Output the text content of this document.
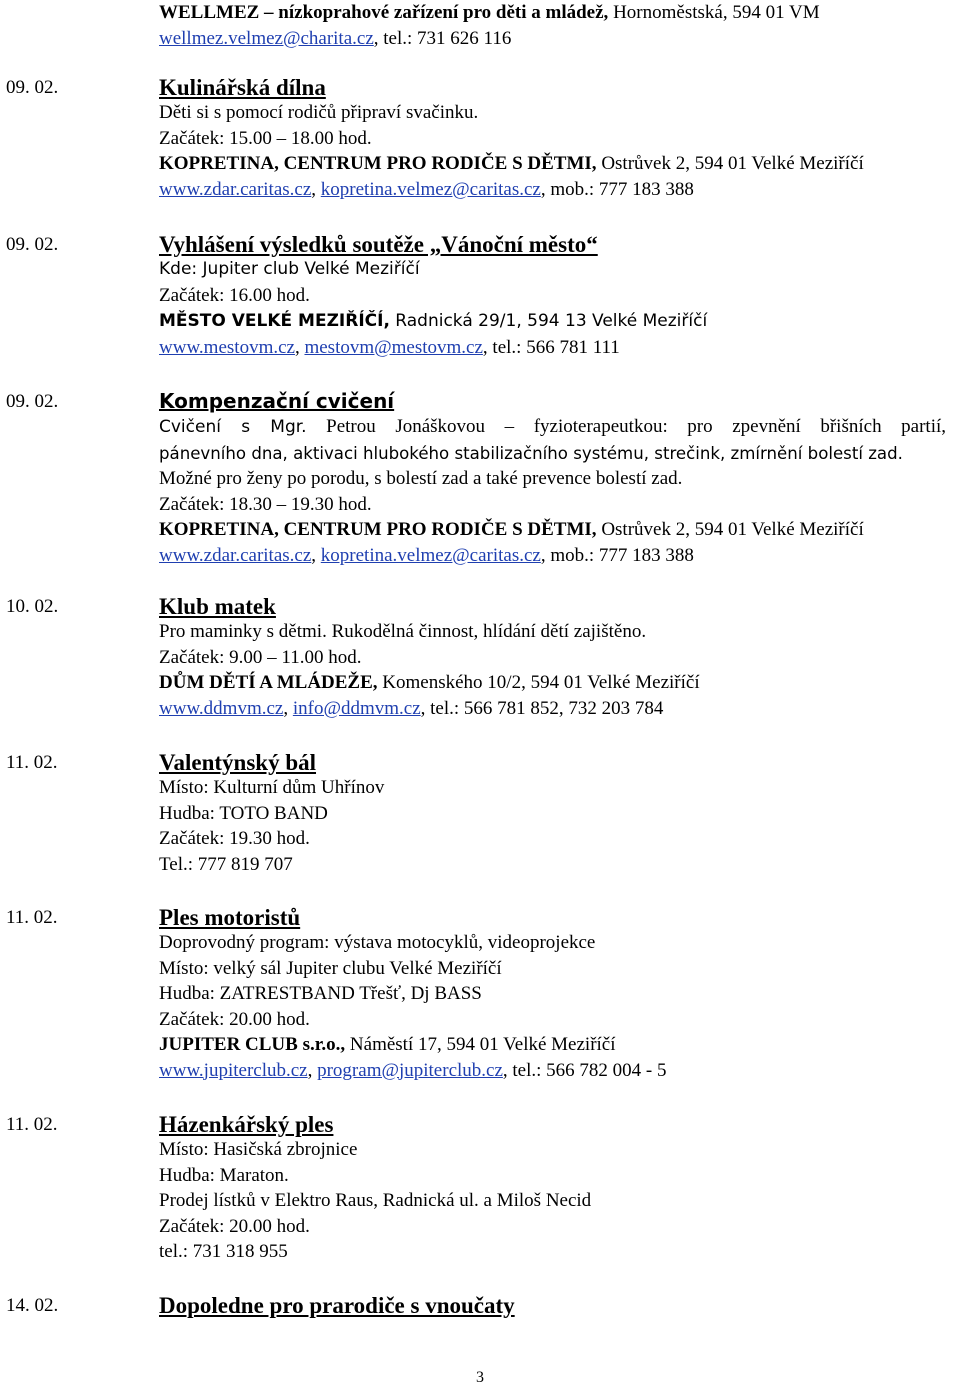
WELLMEZ – nízkoprahové zařízení pro děti a mládež, Hornoměstská, 594 01 VM
wellmez.velmez@charita.cz, tel.: 731 626 116
09. 02.	Kulinářská dílna
Děti si s pomocí rodičů připraví svačinku.
Začátek: 15.00 – 18.00 hod.
KOPRETINA, CENTRUM PRO RODIČE S DĚTMI, Ostrůvek 2, 594 01 Velké Meziříčí
www.zdar.caritas.cz, kopretina.velmez@caritas.cz, mob.: 777 183 388
09. 02.	Vyhlášení výsledků soutěže „Vánoční město“
Kde: Jupiter club Velké Meziříčí
Začátek: 16.00 hod.
MĚSTO VELKÉ MEZIŘÍČÍ, Radnická 29/1, 594 13 Velké Meziříčí
www.mestovm.cz, mestovm@mestovm.cz, tel.: 566 781 111
09. 02.	Kompenzační cvičení
Cvičení s Mgr. Petrou Jonáškovou – fyzioterapeutkou: pro zpevnění břišních partií,
pánevního dna, aktivaci hlubokého stabilizačního systému, strečink, zmírnění bolestí zad.
Možné pro ženy po porodu, s bolestí zad a také prevence bolestí zad.
Začátek: 18.30 – 19.30 hod.
KOPRETINA, CENTRUM PRO RODIČE S DĚTMI, Ostrůvek 2, 594 01 Velké Meziříčí
www.zdar.caritas.cz, kopretina.velmez@caritas.cz, mob.: 777 183 388
10. 02.	Klub matek
Pro maminky s dětmi. Rukodělná činnost, hlídání dětí zajištěno.
Začátek: 9.00 – 11.00 hod.
DŮM DĚTÍ A MLÁDEŽE, Komenského 10/2, 594 01 Velké Meziříčí
www.ddmvm.cz, info@ddmvm.cz, tel.: 566 781 852, 732 203 784
11. 02.	Valentýnský bál
Místo: Kulturní dům Uhřínov
Hudba: TOTO BAND
Začátek: 19.30 hod.
Tel.: 777 819 707
11. 02.	Ples motoristů
Doprovodný program: výstava motocyklů, videoprojekce
Místo: velký sál Jupiter clubu Velké Meziříčí
Hudba: ZATRESTBAND Třešť, Dj BASS
Začátek: 20.00 hod.
JUPITER CLUB s.r.o., Náměstí 17, 594 01 Velké Meziříčí
www.jupiterclub.cz, program@jupiterclub.cz, tel.: 566 782 004 - 5
11. 02.	Házenkářský ples
Místo: Hasičská zbrojnice
Hudba: Maraton.
Prodej lístků v Elektro Raus, Radnická ul. a Miloš Necid
Začátek: 20.00 hod.
tel.: 731 318 955
14. 02.	Dopoledne pro prarodiče s vnoučaty
3
